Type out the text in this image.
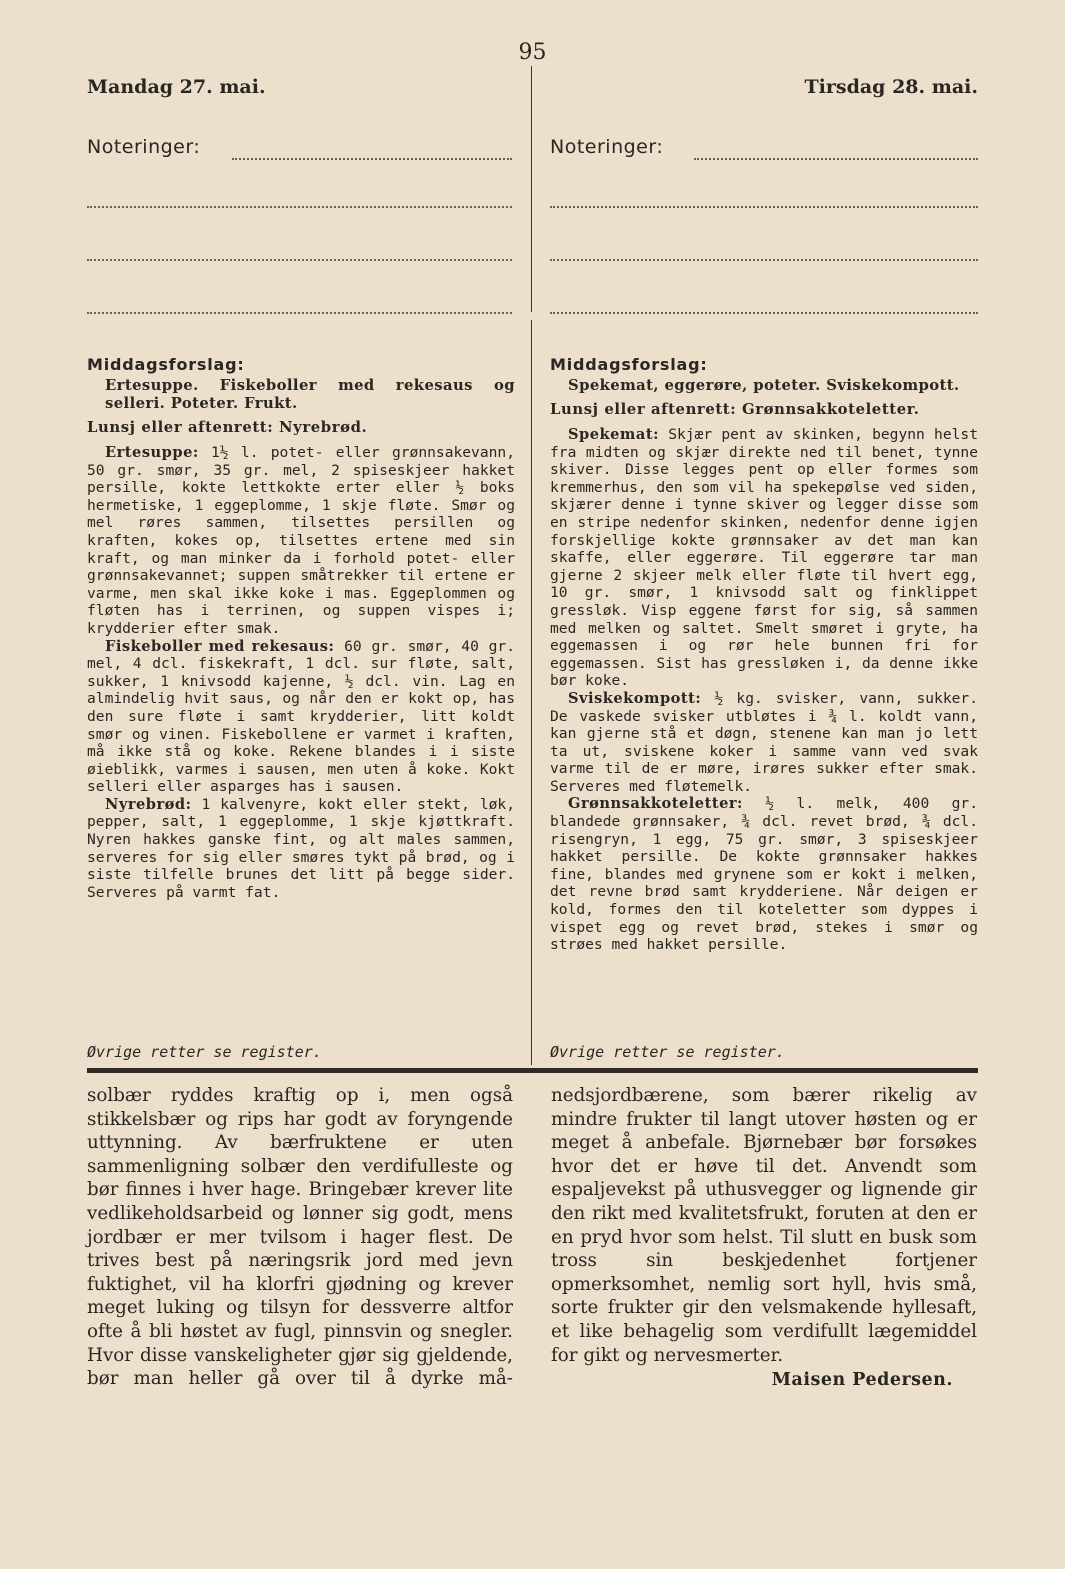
95
Mandag 27. mai.	Tirsdag 28. mai.
Noteringer:	Noteringer:
Middagsforslag:
Ertesuppe. Fiskeboller med rekesaus og selleri. Poteter. Frukt.
Lunsj eller aftenrett: Nyrebrød.

Ertesuppe: 1½ l. potet- eller grønnsakevann, 50 gr. smør, 35 gr. mel, 2 spiseskjeer hakket persille, kokte lettkokte erter eller ½ boks hermetiske, 1 eggeplomme, 1 skje fløte. Smør og mel røres sammen, tilsettes persillen og kraften, kokes op, tilsettes ertene med sin kraft, og man minker da i forhold potet- eller grønnsakevannet; suppen småtrekker til ertene er varme, men skal ikke koke i mas. Eggeplommen og fløten has i terrinen, og suppen vispes i; krydderier efter smak.

Fiskeboller med rekesaus: 60 gr. smør, 40 gr. mel, 4 dcl. fiskekraft, 1 dcl. sur fløte, salt, sukker, 1 knivsodd kajenne, ½ dcl. vin. Lag en almindelig hvit saus, og når den er kokt op, has den sure fløte i samt krydderier, litt koldt smør og vinen. Fiskebollene er varmet i kraften, må ikke stå og koke. Rekene blandes i i siste øieblikk, varmes i sausen, men uten å koke. Kokt selleri eller asparges has i sausen.

Nyrebrød: 1 kalvenyre, kokt eller stekt, løk, pepper, salt, 1 eggeplomme, 1 skje kjøttkraft. Nyren hakkes ganske fint, og alt males sammen, serveres for sig eller smøres tykt på brød, og i siste tilfelle brunes det litt på begge sider. Serveres på varmt fat.

Øvrige retter se register.
Middagsforslag:
Spekemat, eggerøre, poteter. Sviskekompott.
Lunsj eller aftenrett: Grønnsakkoteletter.

Spekemat: Skjær pent av skinken, begynn helst fra midten og skjær direkte ned til benet, tynne skiver. Disse legges pent op eller formes som kremmerhus, den som vil ha spekepølse ved siden, skjærer denne i tynne skiver og legger disse som en stripe nedenfor skinken, nedenfor denne igjen forskjellige kokte grønnsaker av det man kan skaffe, eller eggerøre. Til eggerøre tar man gjerne 2 skjeer melk eller fløte til hvert egg, 10 gr. smør, 1 knivsodd salt og finklippet gressløk. Visp eggene først for sig, så sammen med melken og saltet. Smelt smøret i gryte, ha eggemassen i og rør hele bunnen fri for eggemassen. Sist has gressløken i, da denne ikke bør koke.

Sviskekompott: ½ kg. svisker, vann, sukker. De vaskede svisker utbløtes i ¾ l. koldt vann, kan gjerne stå et døgn, stenene kan man jo lett ta ut, sviskene koker i samme vann ved svak varme til de er møre, irøres sukker efter smak. Serveres med fløtemelk.

Grønnsakkoteletter: ½ l. melk, 400 gr. blandede grønnsaker, ¾ dcl. revet brød, ¾ dcl. risengryn, 1 egg, 75 gr. smør, 3 spiseskjeer hakket persille. De kokte grønnsaker hakkes fine, blandes med grynene som er kokt i melken, det revne brød samt krydderiene. Når deigen er kold, formes den til koteletter som dyppes i vispet egg og revet brød, stekes i smør og strøes med hakket persille.

Øvrige retter se register.

solbær ryddes kraftig op i, men også stikkelsbær og rips har godt av foryngende uttynning. Av bærfruktene er uten sammenligning solbær den verdifulleste og bør finnes i hver hage. Bringebær krever lite vedlikeholdsarbeid og lønner sig godt, mens jordbær er mer tvilsom i hager flest. De trives best på næringsrik jord med jevn fuktighet, vil ha klorfri gjødning og krever meget luking og tilsyn for dessverre altfor ofte å bli høstet av fugl, pinnsvin og snegler. Hvor disse vanskeligheter gjør sig gjeldende, bør man heller gå over til å dyrke må-

nedsjordbærene, som bærer rikelig av mindre frukter til langt utover høsten og er meget å anbefale. Bjørnebær bør forsøkes hvor det er høve til det. Anvendt som espaljevekst på uthusvegger og lignende gir den rikt med kvalitetsfrukt, foruten at den er en pryd hvor som helst. Til slutt en busk som tross sin beskjedenhet fortjener opmerksomhet, nemlig sort hyll, hvis små, sorte frukter gir den velsmakende hyllesaft, et like behagelig som verdifullt lægemiddel for gikt og nervesmerter.

Maisen Pedersen.
